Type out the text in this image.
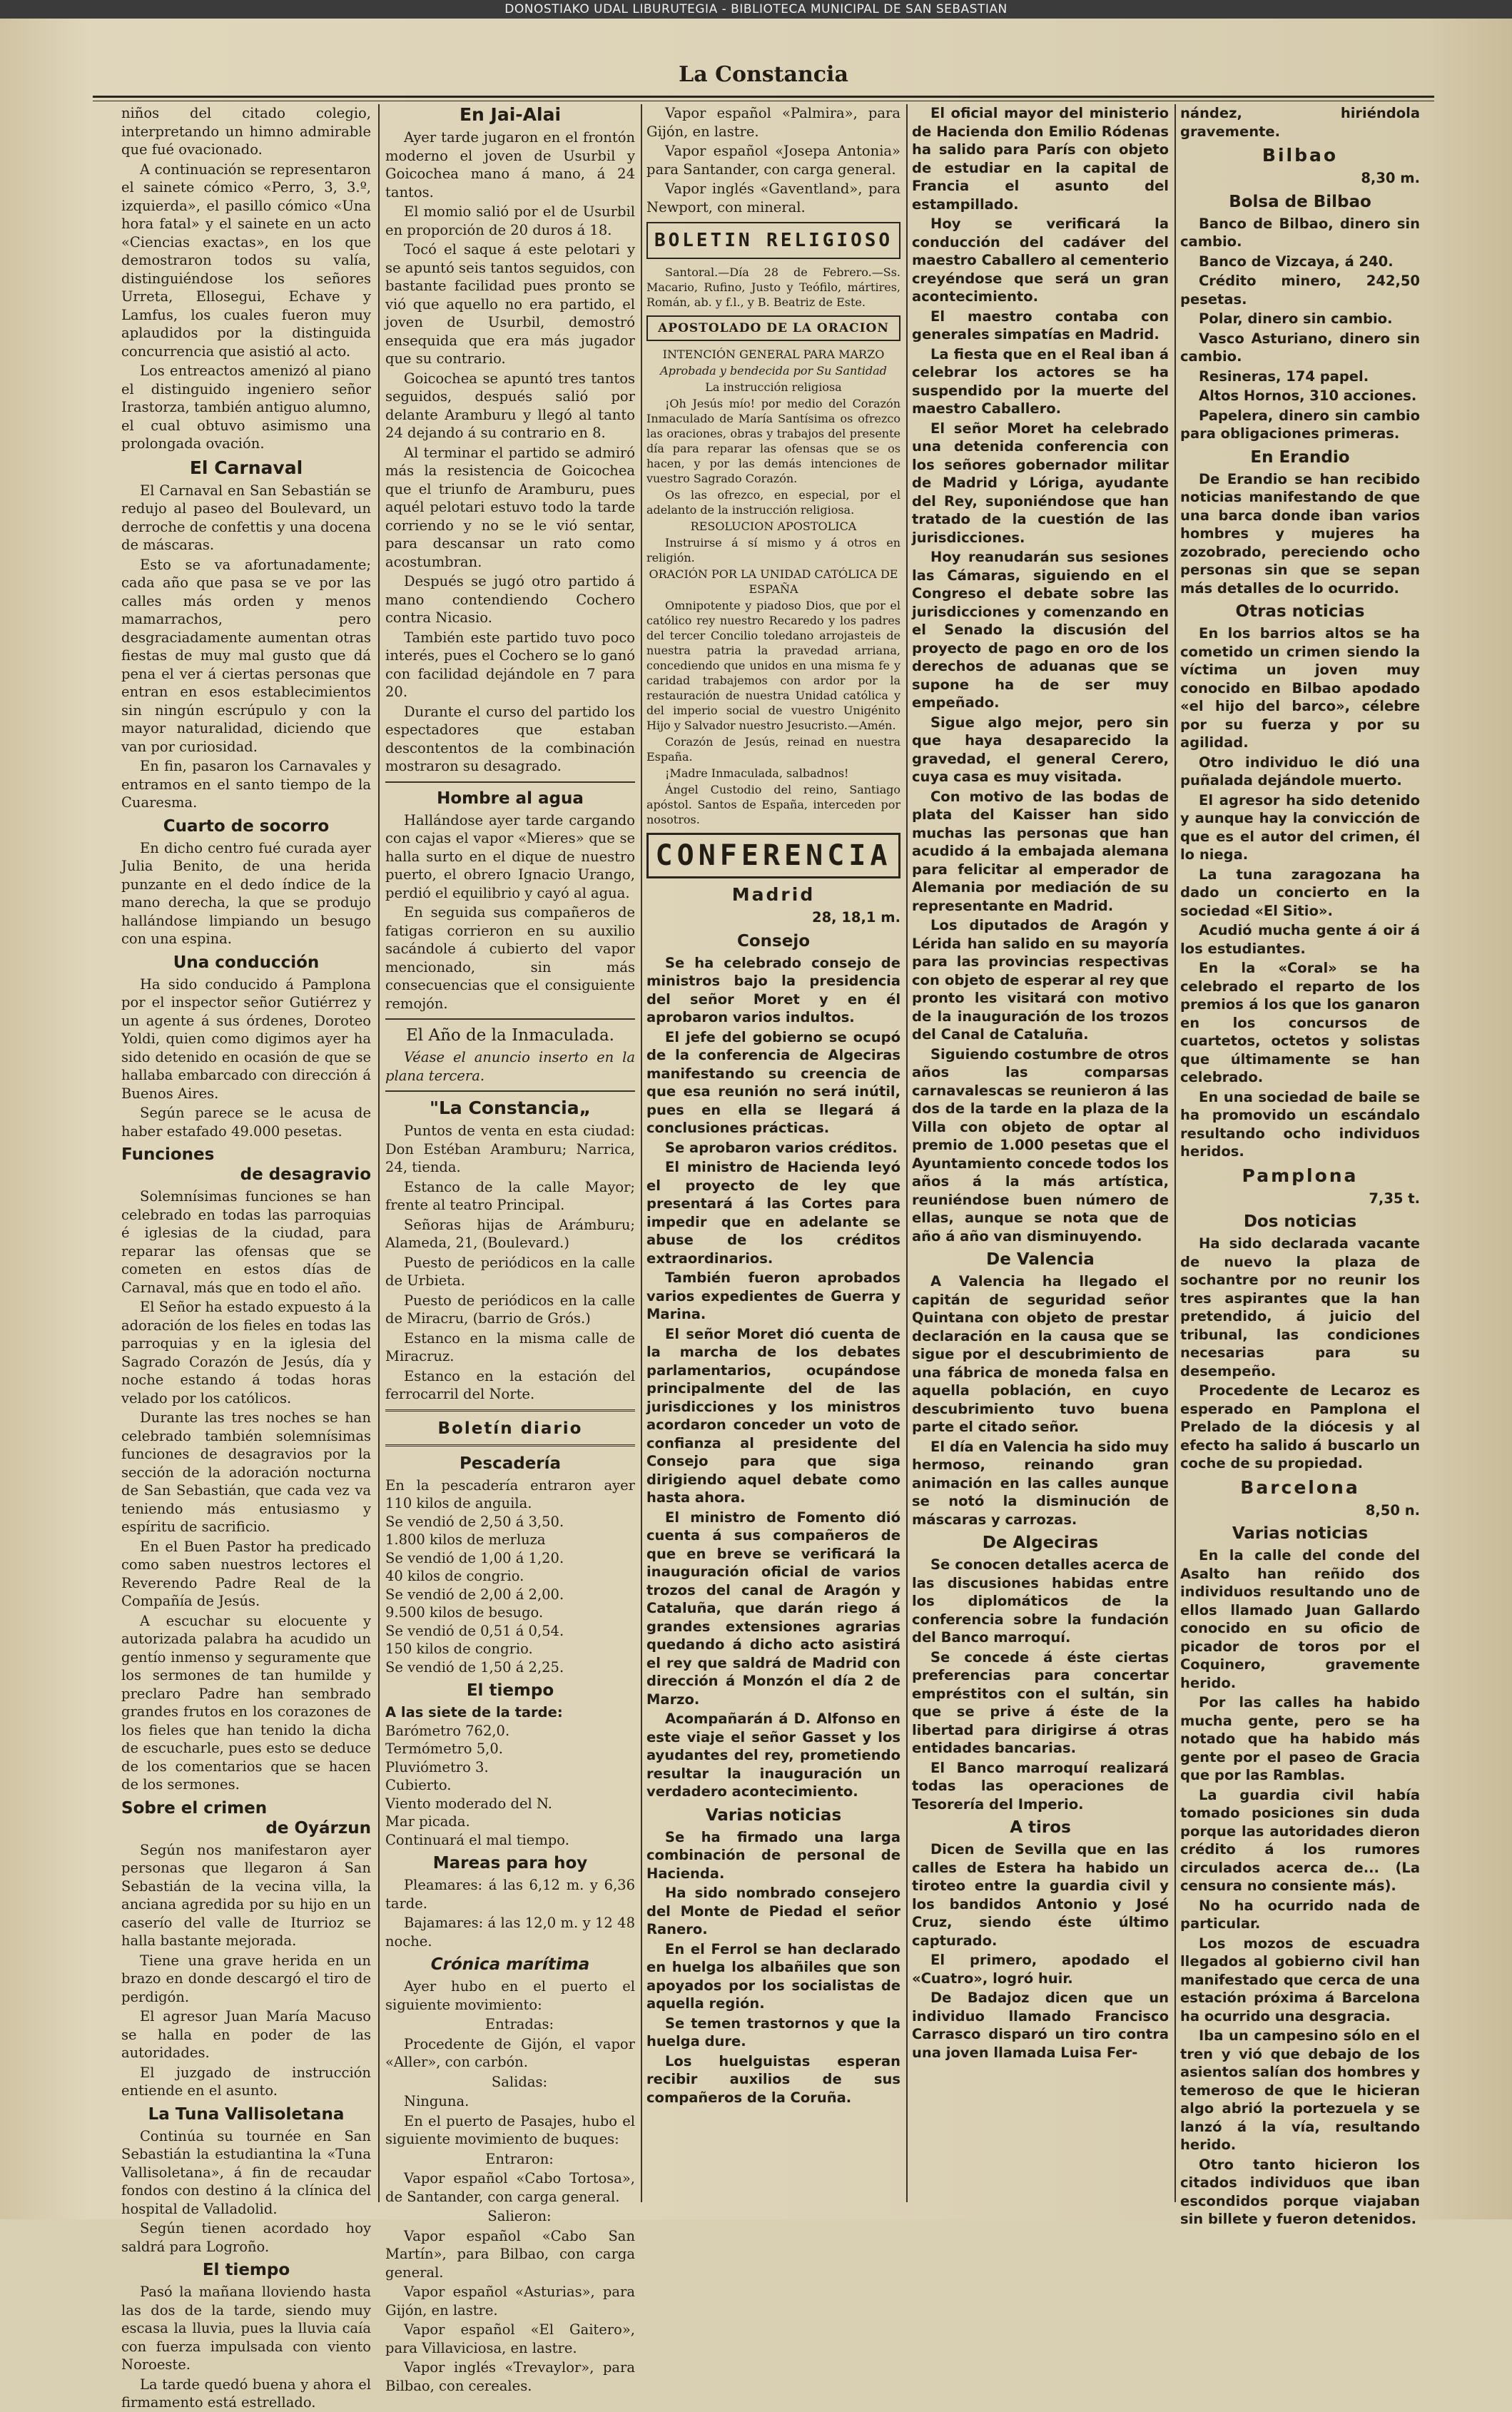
DONOSTIAKO UDAL LIBURUTEGIA - BIBLIOTECA MUNICIPAL DE SAN SEBASTIAN
La Constancia

niños del citado colegio, interpretando un himno admirable que fué ovacionado.

A continuación se representaron el sainete cómico «Perro, 3, 3.º, izquierda», el pasillo cómico «Una hora fatal» y el sainete en un acto «Ciencias exactas», en los que demostraron todos su valía, distinguiéndose los señores Urreta, Ellosegui, Echave y Lamfus, los cuales fueron muy aplaudidos por la distinguida concurrencia que asistió al acto.

Los entreactos amenizó al piano el distinguido ingeniero señor Irastorza, también antiguo alumno, el cual obtuvo asimismo una prolongada ovación.

El Carnaval

El Carnaval en San Sebastián se redujo al paseo del Boulevard, un derroche de confettis y una docena de máscaras.

Esto se va afortunadamente; cada año que pasa se ve por las calles más orden y menos mamarrachos, pero desgraciadamente aumentan otras fiestas de muy mal gusto que dá pena el ver á ciertas personas que entran en esos establecimientos sin ningún escrúpulo y con la mayor naturalidad, diciendo que van por curiosidad.

En fin, pasaron los Carnavales y entramos en el santo tiempo de la Cuaresma.

Cuarto de socorro

En dicho centro fué curada ayer Julia Benito, de una herida punzante en el dedo índice de la mano derecha, la que se produjo hallándose limpiando un besugo con una espina.

Una conducción

Ha sido conducido á Pamplona por el inspector señor Gutiérrez y un agente á sus órdenes, Doroteo Yoldi, quien como digimos ayer ha sido detenido en ocasión de que se hallaba embarcado con dirección á Buenos Aires.

Según parece se le acusa de haber estafado 49.000 pesetas.

Funciones
de desagravio

Solemnísimas funciones se han celebrado en todas las parroquias é iglesias de la ciudad, para reparar las ofensas que se cometen en estos días de Carnaval, más que en todo el año.

El Señor ha estado expuesto á la adoración de los fieles en todas las parroquias y en la iglesia del Sagrado Corazón de Jesús, día y noche estando á todas horas velado por los católicos.

Durante las tres noches se han celebrado también solemnísimas funciones de desagravios por la sección de la adoración nocturna de San Sebastián, que cada vez va teniendo más entusiasmo y espíritu de sacrificio.

En el Buen Pastor ha predicado como saben nuestros lectores el Reverendo Padre Real de la Compañía de Jesús.

A escuchar su elocuente y autorizada palabra ha acudido un gentío inmenso y seguramente que los sermones de tan humilde y preclaro Padre han sembrado grandes frutos en los corazones de los fieles que han tenido la dicha de escucharle, pues esto se deduce de los comentarios que se hacen de los sermones.

Sobre el crimen
de Oyárzun

Según nos manifestaron ayer personas que llegaron á San Sebastián de la vecina villa, la anciana agredida por su hijo en un caserío del valle de Iturrioz se halla bastante mejorada.

Tiene una grave herida en un brazo en donde descargó el tiro de perdigón.

El agresor Juan María Macuso se halla en poder de las autoridades.

El juzgado de instrucción entiende en el asunto.

La Tuna Vallisoletana

Continúa su tournée en San Sebastián la estudiantina la «Tuna Vallisoletana», á fin de recaudar fondos con destino á la clínica del hospital de Valladolid.

Según tienen acordado hoy saldrá para Logroño.

El tiempo

Pasó la mañana lloviendo hasta las dos de la tarde, siendo muy escasa la lluvia, pues la lluvia caía con fuerza impulsada con viento Noroeste.

La tarde quedó buena y ahora el firmamento está estrellado.

En Jai-Alai

Ayer tarde jugaron en el frontón moderno el joven de Usurbil y Goicochea mano á mano, á 24 tantos.

El momio salió por el de Usurbil en proporción de 20 duros á 18.

Tocó el saque á este pelotari y se apuntó seis tantos seguidos, con bastante facilidad pues pronto se vió que aquello no era partido, el joven de Usurbil, demostró ensequida que era más jugador que su contrario.

Goicochea se apuntó tres tantos seguidos, después salió por delante Aramburu y llegó al tanto 24 dejando á su contrario en 8.

Al terminar el partido se admiró más la resistencia de Goicochea que el triunfo de Aramburu, pues aquél pelotari estuvo todo la tarde corriendo y no se le vió sentar, para descansar un rato como acostumbran.

Después se jugó otro partido á mano contendiendo Cochero contra Nicasio.

También este partido tuvo poco interés, pues el Cochero se lo ganó con facilidad dejándole en 7 para 20.

Durante el curso del partido los espectadores que estaban descontentos de la combinación mostraron su desagrado.

Hombre al agua

Hallándose ayer tarde cargando con cajas el vapor «Mieres» que se halla surto en el dique de nuestro puerto, el obrero Ignacio Urango, perdió el equilibrio y cayó al agua.

En seguida sus compañeros de fatigas corrieron en su auxilio sacándole á cubierto del vapor mencionado, sin más consecuencias que el consiguiente remojón.

El Año de la Inmaculada.

Véase el anuncio inserto en la plana tercera.

"La Constancia„

Puntos de venta en esta ciudad: Don Estéban Aramburu; Narrica, 24, tienda.

Estanco de la calle Mayor; frente al teatro Principal.

Señoras hijas de Arámburu; Alameda, 21, (Boulevard.)

Puesto de periódicos en la calle de Urbieta.

Puesto de periódicos en la calle de Miracru, (barrio de Grós.)

Estanco en la misma calle de Miracruz.

Estanco en la estación del ferrocarril del Norte.

Boletín diario
Pescadería

En la pescadería entraron ayer 110 kilos de anguila.

Se vendió de 2,50 á 3,50.

1.800 kilos de merluza

Se vendió de 1,00 á 1,20.

40 kilos de congrio.

Se vendió de 2,00 á 2,00.

9.500 kilos de besugo.

Se vendió de 0,51 á 0,54.

150 kilos de congrio.

Se vendió de 1,50 á 2,25.

El tiempo

A las siete de la tarde:

Barómetro 762,0.

Termómetro 5,0.

Pluviómetro 3.

Cubierto.

Viento moderado del N.

Mar picada.

Continuará el mal tiempo.

Mareas para hoy

Pleamares: á las 6,12 m. y 6,36 tarde.

Bajamares: á las 12,0 m. y 12 48 noche.

Crónica marítima

Ayer hubo en el puerto el siguiente movimiento:

Entradas:

Procedente de Gijón, el vapor «Aller», con carbón.

Salidas:

Ninguna.

En el puerto de Pasajes, hubo el siguiente movimiento de buques:

Entraron:

Vapor español «Cabo Tortosa», de Santander, con carga general.

Salieron:

Vapor español «Cabo San Martín», para Bilbao, con carga general.

Vapor español «Asturias», para Gijón, en lastre.

Vapor español «El Gaitero», para Villaviciosa, en lastre.

Vapor inglés «Trevaylor», para Bilbao, con cereales.

Vapor español «Palmira», para Gijón, en lastre.

Vapor español «Josepa Antonia» para Santander, con carga general.

Vapor inglés «Gaventland», para Newport, con mineral.

BOLETIN RELIGIOSO

Santoral.—Día 28 de Febrero.—Ss. Macario, Rufino, Justo y Teófilo, mártires, Román, ab. y f.l., y B. Beatriz de Este.

APOSTOLADO DE LA ORACION

INTENCIÓN GENERAL PARA MARZO

Aprobada y bendecida por Su Santidad

La instrucción religiosa

¡Oh Jesús mío! por medio del Corazón Inmaculado de María Santísima os ofrezco las oraciones, obras y trabajos del presente día para reparar las ofensas que se os hacen, y por las demás intenciones de vuestro Sagrado Corazón.

Os las ofrezco, en especial, por el adelanto de la instrucción religiosa.

RESOLUCION APOSTOLICA

Instruirse á sí mismo y á otros en religión.

ORACIÓN POR LA UNIDAD CATÓLICA DE ESPAÑA

Omnipotente y piadoso Dios, que por el católico rey nuestro Recaredo y los padres del tercer Concilio toledano arrojasteis de nuestra patria la pravedad arriana, concediendo que unidos en una misma fe y caridad trabajemos con ardor por la restauración de nuestra Unidad católica y del imperio social de vuestro Unigénito Hijo y Salvador nuestro Jesucristo.—Amén.

Corazón de Jesús, reinad en nuestra España.

¡Madre Inmaculada, salbadnos!

Ángel Custodio del reino, Santiago apóstol. Santos de España, interceden por nosotros.

CONFERENCIA
Madrid
28, 18,1 m.
Consejo

Se ha celebrado consejo de ministros bajo la presidencia del señor Moret y en él aprobaron varios indultos.

El jefe del gobierno se ocupó de la conferencia de Algeciras manifestando su creencia de que esa reunión no será inútil, pues en ella se llegará á conclusiones prácticas.

Se aprobaron varios créditos.

El ministro de Hacienda leyó el proyecto de ley que presentará á las Cortes para impedir que en adelante se abuse de los créditos extraordinarios.

También fueron aprobados varios expedientes de Guerra y Marina.

El señor Moret dió cuenta de la marcha de los debates parlamentarios, ocupándose principalmente del de las jurisdicciones y los ministros acordaron conceder un voto de confianza al presidente del Consejo para que siga dirigiendo aquel debate como hasta ahora.

El ministro de Fomento dió cuenta á sus compañeros de que en breve se verificará la inauguración oficial de varios trozos del canal de Aragón y Cataluña, que darán riego á grandes extensiones agrarias quedando á dicho acto asistirá el rey que saldrá de Madrid con dirección á Monzón el día 2 de Marzo.

Acompañarán á D. Alfonso en este viaje el señor Gasset y los ayudantes del rey, prometiendo resultar la inauguración un verdadero acontecimiento.

Varias noticias

Se ha firmado una larga combinación de personal de Hacienda.

Ha sido nombrado consejero del Monte de Piedad el señor Ranero.

En el Ferrol se han declarado en huelga los albañiles que son apoyados por los socialistas de aquella región.

Se temen trastornos y que la huelga dure.

Los huelguistas esperan recibir auxilios de sus compañeros de la Coruña.

El oficial mayor del ministerio de Hacienda don Emilio Ródenas ha salido para París con objeto de estudiar en la capital de Francia el asunto del estampillado.

Hoy se verificará la conducción del cadáver del maestro Caballero al cementerio creyéndose que será un gran acontecimiento.

El maestro contaba con generales simpatías en Madrid.

La fiesta que en el Real iban á celebrar los actores se ha suspendido por la muerte del maestro Caballero.

El señor Moret ha celebrado una detenida conferencia con los señores gobernador militar de Madrid y Lóriga, ayudante del Rey, suponiéndose que han tratado de la cuestión de las jurisdicciones.

Hoy reanudarán sus sesiones las Cámaras, siguiendo en el Congreso el debate sobre las jurisdicciones y comenzando en el Senado la discusión del proyecto de pago en oro de los derechos de aduanas que se supone ha de ser muy empeñado.

Sigue algo mejor, pero sin que haya desaparecido la gravedad, el general Cerero, cuya casa es muy visitada.

Con motivo de las bodas de plata del Kaisser han sido muchas las personas que han acudido á la embajada alemana para felicitar al emperador de Alemania por mediación de su representante en Madrid.

Los diputados de Aragón y Lérida han salido en su mayoría para las provincias respectivas con objeto de esperar al rey que pronto les visitará con motivo de la inauguración de los trozos del Canal de Cataluña.

Siguiendo costumbre de otros años las comparsas carnavalescas se reunieron á las dos de la tarde en la plaza de la Villa con objeto de optar al premio de 1.000 pesetas que el Ayuntamiento concede todos los años á la más artística, reuniéndose buen número de ellas, aunque se nota que de año á año van disminuyendo.

De Valencia

A Valencia ha llegado el capitán de seguridad señor Quintana con objeto de prestar declaración en la causa que se sigue por el descubrimiento de una fábrica de moneda falsa en aquella población, en cuyo descubrimiento tuvo buena parte el citado señor.

El día en Valencia ha sido muy hermoso, reinando gran animación en las calles aunque se notó la disminución de máscaras y carrozas.

De Algeciras

Se conocen detalles acerca de las discusiones habidas entre los diplomáticos de la conferencia sobre la fundación del Banco marroquí.

Se concede á éste ciertas preferencias para concertar empréstitos con el sultán, sin que se prive á éste de la libertad para dirigirse á otras entidades bancarias.

El Banco marroquí realizará todas las operaciones de Tesorería del Imperio.

A tiros

Dicen de Sevilla que en las calles de Estera ha habido un tiroteo entre la guardia civil y los bandidos Antonio y José Cruz, siendo éste último capturado.

El primero, apodado el «Cuatro», logró huir.

De Badajoz dicen que un individuo llamado Francisco Carrasco disparó un tiro contra una joven llamada Luisa Fer-

nández, hiriéndola gravemente.

Bilbao
8,30 m.
Bolsa de Bilbao

Banco de Bilbao, dinero sin cambio.

Banco de Vizcaya, á 240.

Crédito minero, 242,50 pesetas.

Polar, dinero sin cambio.

Vasco Asturiano, dinero sin cambio.

Resineras, 174 papel.

Altos Hornos, 310 acciones.

Papelera, dinero sin cambio para obligaciones primeras.

En Erandio

De Erandio se han recibido noticias manifestando de que una barca donde iban varios hombres y mujeres ha zozobrado, pereciendo ocho personas sin que se sepan más detalles de lo ocurrido.

Otras noticias

En los barrios altos se ha cometido un crimen siendo la víctima un joven muy conocido en Bilbao apodado «el hijo del barco», célebre por su fuerza y por su agilidad.

Otro individuo le dió una puñalada dejándole muerto.

El agresor ha sido detenido y aunque hay la convicción de que es el autor del crimen, él lo niega.

La tuna zaragozana ha dado un concierto en la sociedad «El Sitio».

Acudió mucha gente á oir á los estudiantes.

En la «Coral» se ha celebrado el reparto de los premios á los que los ganaron en los concursos de cuartetos, octetos y solistas que últimamente se han celebrado.

En una sociedad de baile se ha promovido un escándalo resultando ocho individuos heridos.

Pamplona
7,35 t.
Dos noticias

Ha sido declarada vacante de nuevo la plaza de sochantre por no reunir los tres aspirantes que la han pretendido, á juicio del tribunal, las condiciones necesarias para su desempeño.

Procedente de Lecaroz es esperado en Pamplona el Prelado de la diócesis y al efecto ha salido á buscarlo un coche de su propiedad.

Barcelona
8,50 n.
Varias noticias

En la calle del conde del Asalto han reñido dos individuos resultando uno de ellos llamado Juan Gallardo conocido en su oficio de picador de toros por el Coquinero, gravemente herido.

Por las calles ha habido mucha gente, pero se ha notado que ha habido más gente por el paseo de Gracia que por las Ramblas.

La guardia civil había tomado posiciones sin duda porque las autoridades dieron crédito á los rumores circulados acerca de... (La censura no consiente más).

No ha ocurrido nada de particular.

Los mozos de escuadra llegados al gobierno civil han manifestado que cerca de una estación próxima á Barcelona ha ocurrido una desgracia.

Iba un campesino sólo en el tren y vió que debajo de los asientos salían dos hombres y temeroso de que le hicieran algo abrió la portezuela y se lanzó á la vía, resultando herido.

Otro tanto hicieron los citados individuos que iban escondidos porque viajaban sin billete y fueron detenidos.
